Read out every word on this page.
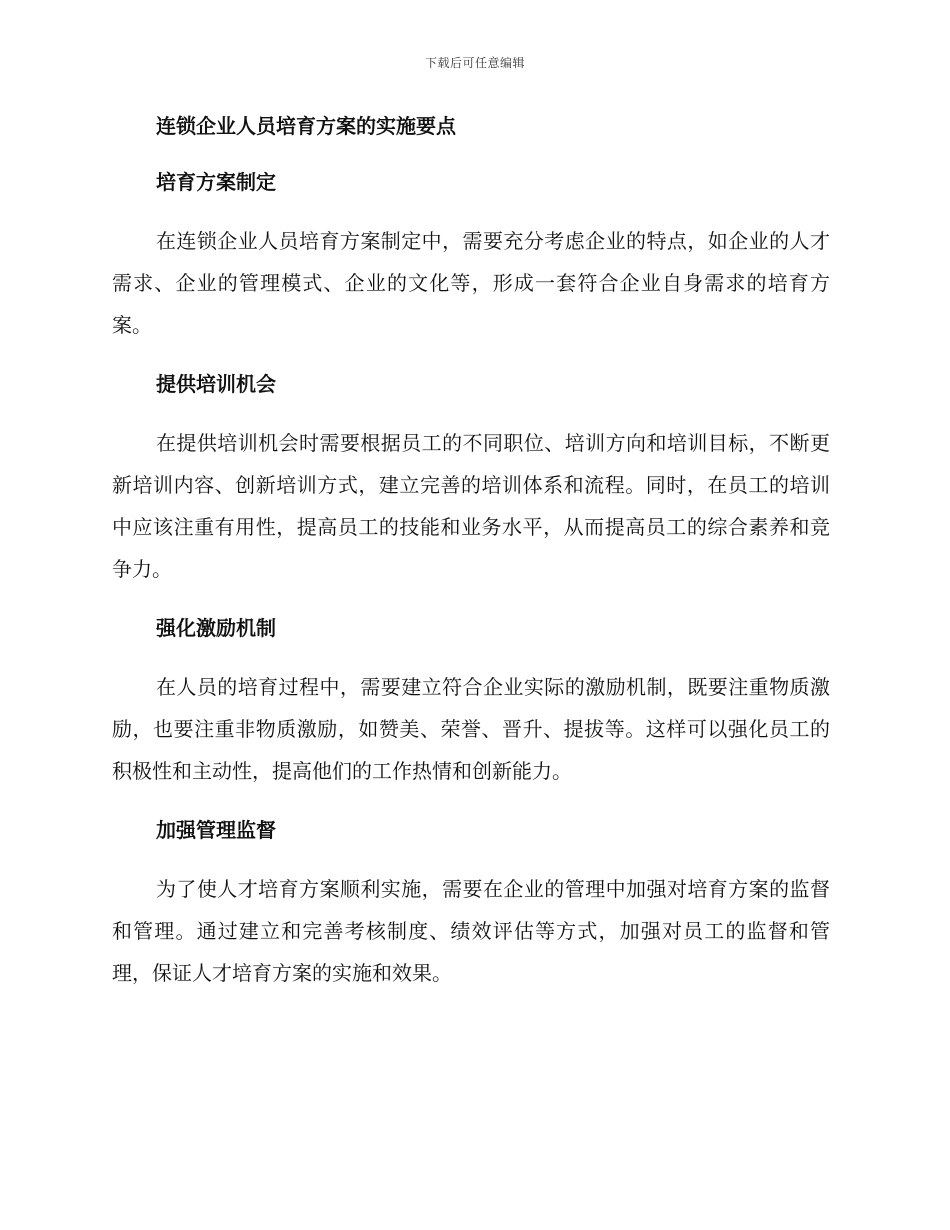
下载后可任意编辑
连锁企业人员培育方案的实施要点
培育方案制定

在连锁企业人员培育方案制定中，需要充分考虑企业的特点，如企业的人才需求、企业的管理模式、企业的文化等，形成一套符合企业自身需求的培育方案。

提供培训机会

在提供培训机会时需要根据员工的不同职位、培训方向和培训目标，不断更新培训内容、创新培训方式，建立完善的培训体系和流程。同时，在员工的培训中应该注重有用性，提高员工的技能和业务水平，从而提高员工的综合素养和竞争力。

强化激励机制

在人员的培育过程中，需要建立符合企业实际的激励机制，既要注重物质激励，也要注重非物质激励，如赞美、荣誉、晋升、提拔等。这样可以强化员工的积极性和主动性，提高他们的工作热情和创新能力。

加强管理监督

为了使人才培育方案顺利实施，需要在企业的管理中加强对培育方案的监督和管理。通过建立和完善考核制度、绩效评估等方式，加强对员工的监督和管理，保证人才培育方案的实施和效果。
